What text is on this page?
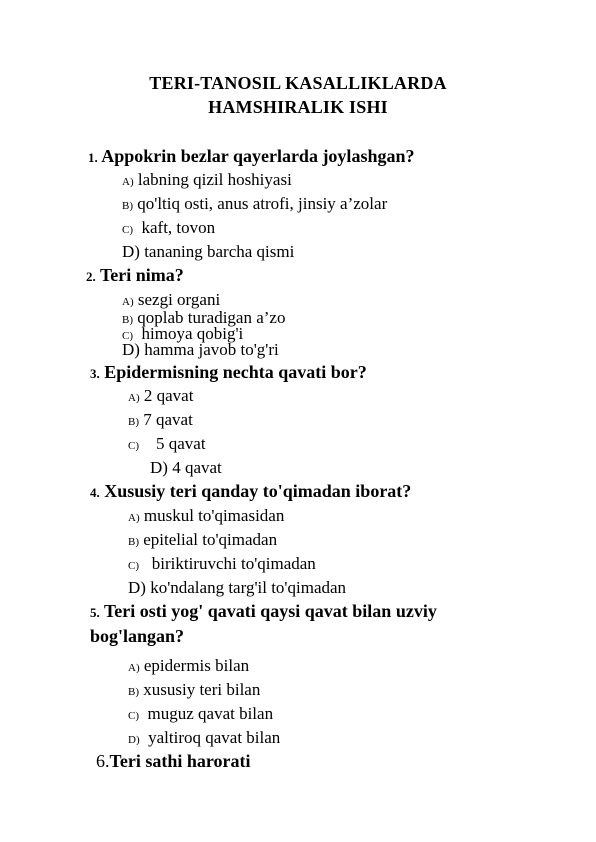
TERI-TANOSIL KASALLIKLARDA
HAMSHIRALIK ISHI
1. Appokrin bezlar qayerlarda joylashgan?
A) labning qizil hoshiyasi
B) qo'ltiq osti, anus atrofi, jinsiy a’zolar
C) kaft, tovon
D) tananing barcha qismi
2. Teri nima?
A) sezgi organi
B) qoplab turadigan a’zo
C) himoya qobig'i
D) hamma javob to'g'ri
3. Epidermisning nechta qavati bor?
A) 2 qavat
B) 7 qavat
C) 5 qavat
D) 4 qavat
4. Xususiy teri qanday to'qimadan iborat?
A) muskul to'qimasidan
B) epitelial to'qimadan
C) biriktiruvchi to'qimadan
D) ko'ndalang targ'il to'qimadan
5. Teri osti yog' qavati qaysi qavat bilan uzviy
bog'langan?
A) epidermis bilan
B) xususiy teri bilan
C) muguz qavat bilan
D) yaltiroq qavat bilan
6.Teri sathi harorati
